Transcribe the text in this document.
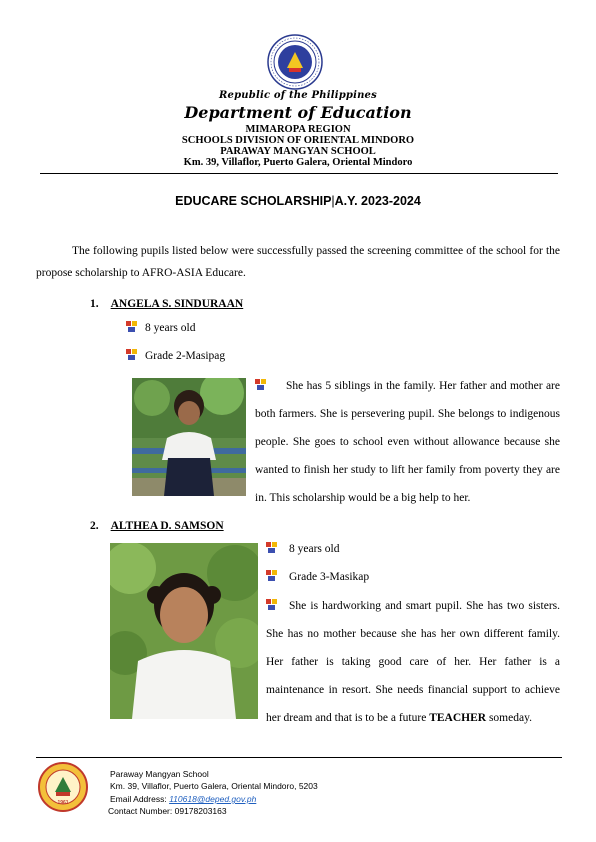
Republic of the Philippines
Department of Education
MIMAROPA REGION
SCHOOLS DIVISION OF ORIENTAL MINDORO
PARAWAY MANGYAN SCHOOL
Km. 39, Villaflor, Puerto Galera, Oriental Mindoro
EDUCARE SCHOLARSHIP|A.Y. 2023-2024
The following pupils listed below were successfully passed the screening committee of the school for the propose scholarship to AFRO-ASIA Educare.
1. ANGELA S. SINDURAAN
8 years old
Grade 2-Masipag
She has 5 siblings in the family. Her father and mother are both farmers. She is persevering pupil. She belongs to indigenous people. She goes to school even without allowance because she wanted to finish her study to lift her family from poverty they are in. This scholarship would be a big help to her.
2. ALTHEA D. SAMSON
8 years old
Grade 3-Masikap
She is hardworking and smart pupil. She has two sisters. She has no mother because she has her own different family. Her father is taking good care of her. Her father is a maintenance in resort. She needs financial support to achieve her dream and that is to be a future TEACHER someday.
1961
Paraway Mangyan School
Km. 39, Villaflor, Puerto Galera, Oriental Mindoro, 5203
Email Address: 110618@deped.gov.ph
Contact Number: 09178203163
